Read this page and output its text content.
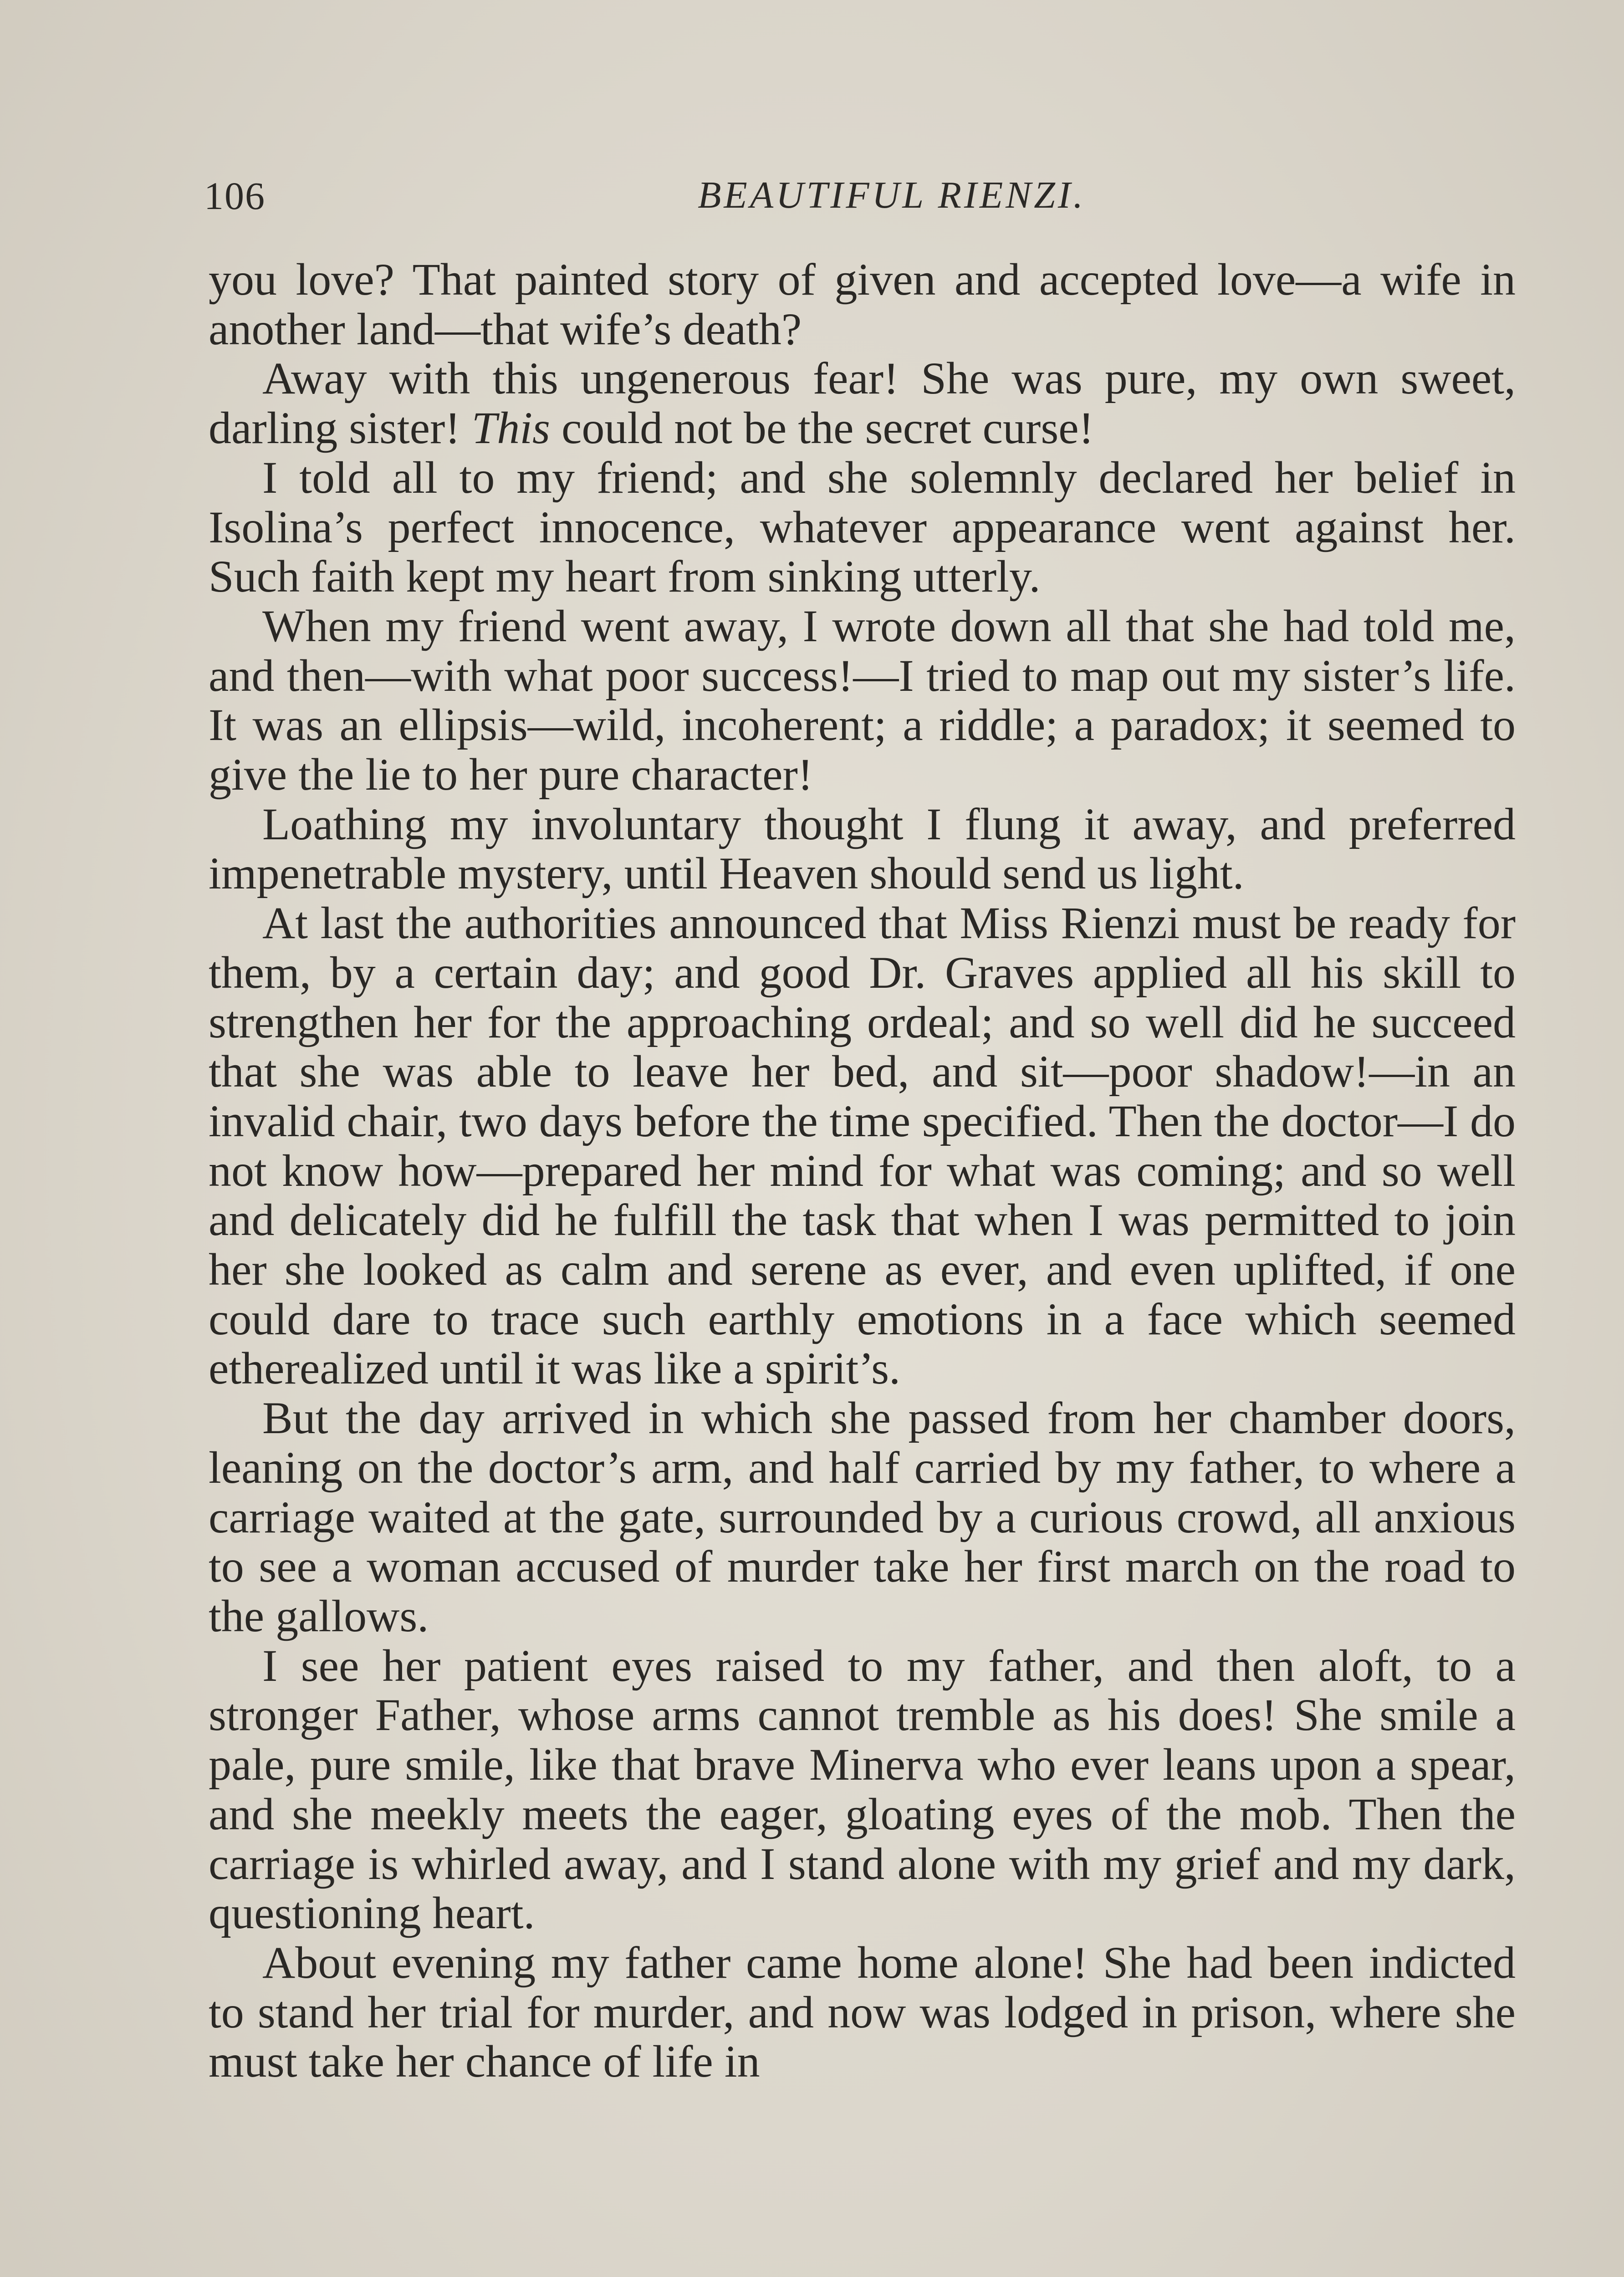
106	BEAUTIFUL RIENZI.

you love? That painted story of given and accepted love—a wife in another land—that wife’s death?

Away with this ungenerous fear! She was pure, my own sweet, darling sister! This could not be the secret curse!

I told all to my friend; and she solemnly declared her belief in Isolina’s perfect innocence, whatever appearance went against her. Such faith kept my heart from sinking utterly.

When my friend went away, I wrote down all that she had told me, and then—with what poor success!—I tried to map out my sister’s life. It was an ellipsis—wild, incoherent; a riddle; a paradox; it seemed to give the lie to her pure character!

Loathing my involuntary thought I flung it away, and preferred impenetrable mystery, until Heaven should send us light.

At last the authorities announced that Miss Rienzi must be ready for them, by a certain day; and good Dr. Graves applied all his skill to strengthen her for the approaching ordeal; and so well did he succeed that she was able to leave her bed, and sit—poor shadow!—in an invalid chair, two days before the time specified. Then the doctor—I do not know how—prepared her mind for what was coming; and so well and delicately did he fulfill the task that when I was permitted to join her she looked as calm and serene as ever, and even uplifted, if one could dare to trace such earthly emotions in a face which seemed etherealized until it was like a spirit’s.

But the day arrived in which she passed from her chamber doors, leaning on the doctor’s arm, and half carried by my father, to where a carriage waited at the gate, surrounded by a curious crowd, all anxious to see a woman accused of murder take her first march on the road to the gallows.

I see her patient eyes raised to my father, and then aloft, to a stronger Father, whose arms cannot tremble as his does! She smile a pale, pure smile, like that brave Minerva who ever leans upon a spear, and she meekly meets the eager, gloating eyes of the mob. Then the carriage is whirled away, and I stand alone with my grief and my dark, questioning heart.

About evening my father came home alone! She had been indicted to stand her trial for murder, and now was lodged in prison, where she must take her chance of life in
